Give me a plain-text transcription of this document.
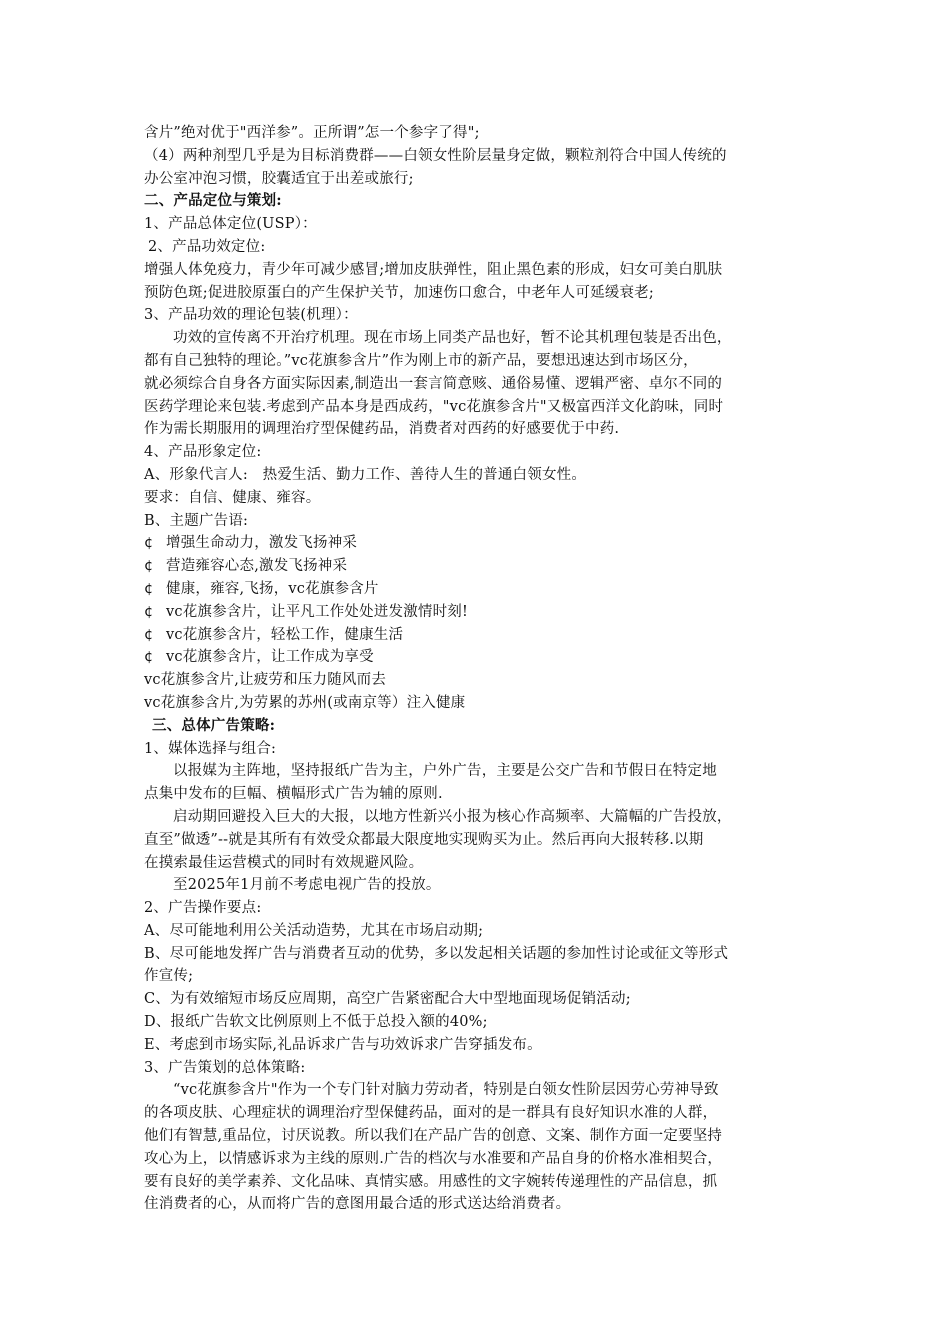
含片”绝对优于"西洋参”。正所谓”怎一个参字了得";
（4）两种剂型几乎是为目标消费群——白领女性阶层量身定做，颗粒剂符合中国人传统的
办公室冲泡习惯，胶囊适宜于出差或旅行;
二、产品定位与策划:
1、产品总体定位(USP）：
2、产品功效定位:
增强人体免疫力，青少年可减少感冒;增加皮肤弹性，阻止黑色素的形成，妇女可美白肌肤
预防色斑;促进胶原蛋白的产生保护关节，加速伤口愈合，中老年人可延缓衰老;
3、产品功效的理论包装(机理）：
功效的宣传离不开治疗机理。现在市场上同类产品也好，暂不论其机理包装是否出色，
都有自己独特的理论。”vc花旗参含片”作为刚上市的新产品，要想迅速达到市场区分，
就必须综合自身各方面实际因素,制造出一套言简意赅、通俗易懂、逻辑严密、卓尔不同的
医药学理论来包装.考虑到产品本身是西成药，"vc花旗参含片"又极富西洋文化韵味，同时
作为需长期服用的调理治疗型保健药品，消费者对西药的好感要优于中药.
4、产品形象定位:
A、形象代言人:　热爱生活、勤力工作、善待人生的普通白领女性。
要求：自信、健康、雍容。
B、主题广告语:
¢ 增强生命动力，激发飞扬神采
¢ 营造雍容心态,激发飞扬神采
¢ 健康，雍容,飞扬，vc花旗参含片
¢ vc花旗参含片，让平凡工作处处迸发激情时刻!
¢ vc花旗参含片，轻松工作，健康生活
¢ vc花旗参含片，让工作成为享受
vc花旗参含片,让疲劳和压力随风而去
vc花旗参含片,为劳累的苏州(或南京等）注入健康
三、总体广告策略:
1、媒体选择与组合:
以报媒为主阵地，坚持报纸广告为主，户外广告，主要是公交广告和节假日在特定地
点集中发布的巨幅、横幅形式广告为辅的原则.
启动期回避投入巨大的大报，以地方性新兴小报为核心作高频率、大篇幅的广告投放，
直至”做透”--就是其所有有效受众都最大限度地实现购买为止。然后再向大报转移.以期
在摸索最佳运营模式的同时有效规避风险。
至2025年1月前不考虑电视广告的投放。
2、广告操作要点:
A、尽可能地利用公关活动造势，尤其在市场启动期;
B、尽可能地发挥广告与消费者互动的优势，多以发起相关话题的参加性讨论或征文等形式
作宣传;
C、为有效缩短市场反应周期，高空广告紧密配合大中型地面现场促销活动;
D、报纸广告软文比例原则上不低于总投入额的40%;
E、考虑到市场实际,礼品诉求广告与功效诉求广告穿插发布。
3、广告策划的总体策略:
“vc花旗参含片"作为一个专门针对脑力劳动者，特别是白领女性阶层因劳心劳神导致
的各项皮肤、心理症状的调理治疗型保健药品，面对的是一群具有良好知识水准的人群，
他们有智慧,重品位，讨厌说教。所以我们在产品广告的创意、文案、制作方面一定要坚持
攻心为上，以情感诉求为主线的原则.广告的档次与水准要和产品自身的价格水准相契合，
要有良好的美学素养、文化品味、真情实感。用感性的文字婉转传递理性的产品信息，抓
住消费者的心，从而将广告的意图用最合适的形式送达给消费者。
